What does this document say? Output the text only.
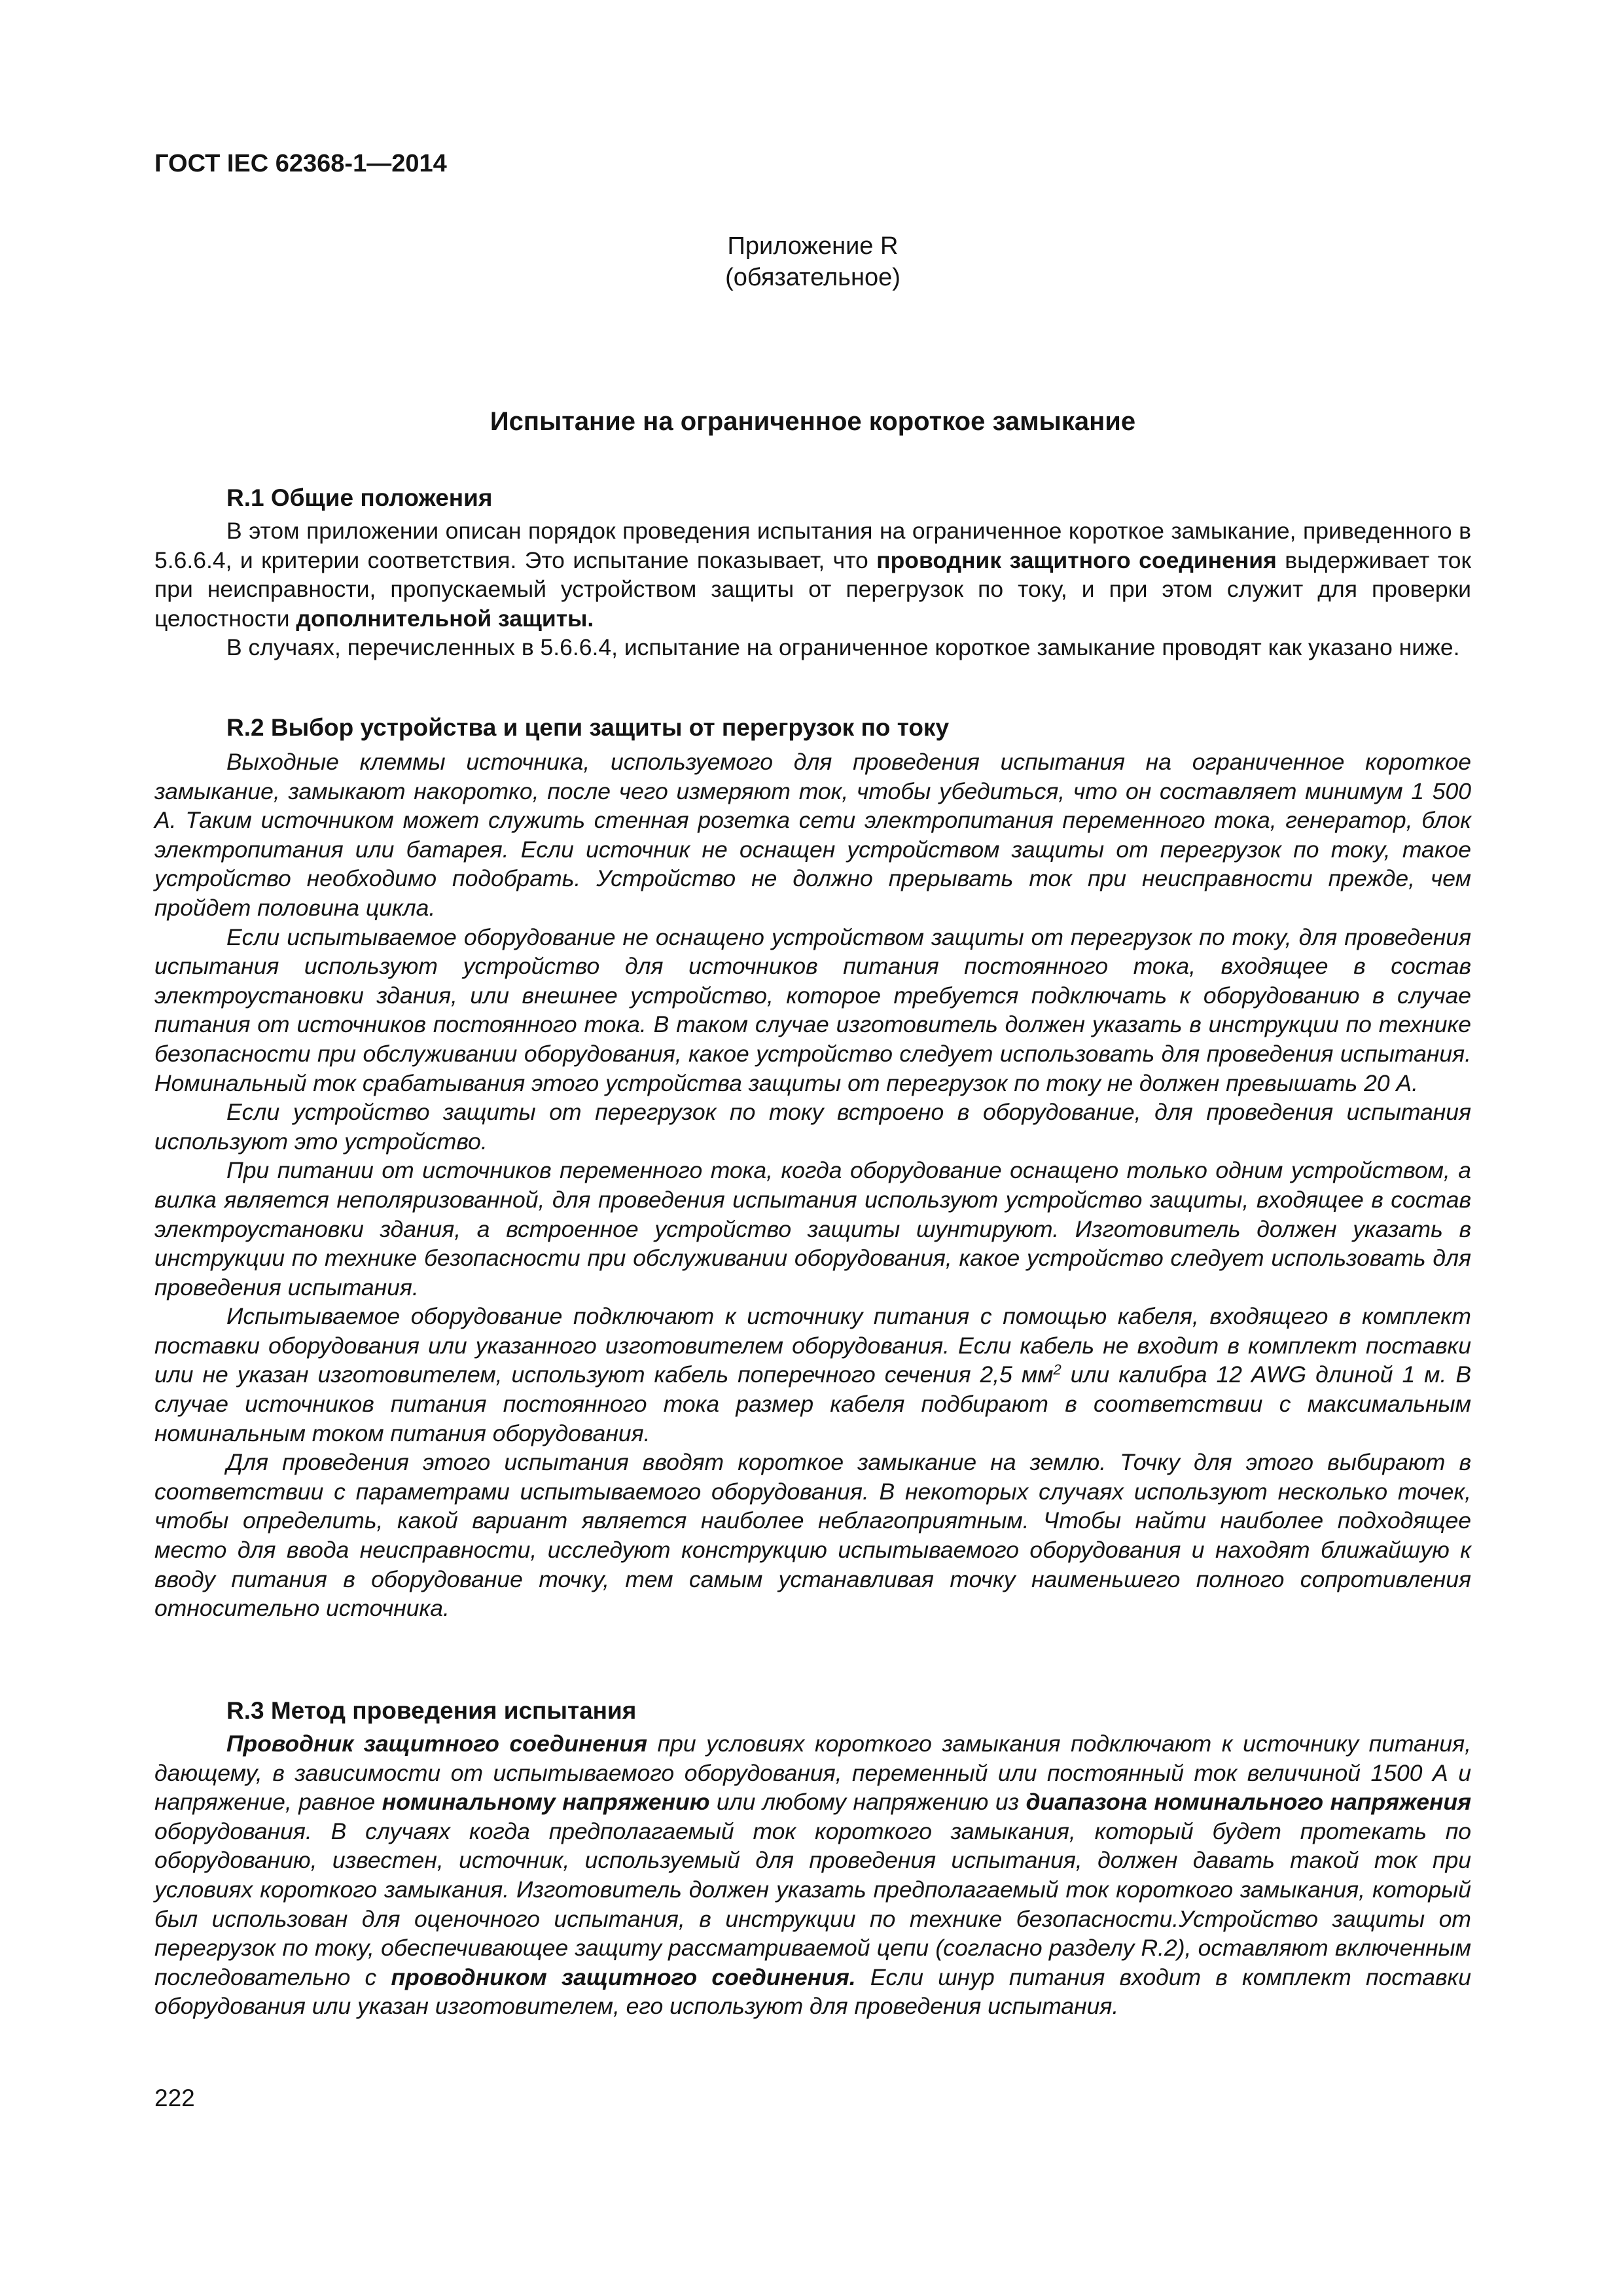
ГОСТ IEC 62368-1—2014
Приложение R
(обязательное)
Испытание на ограниченное короткое замыкание
R.1 Общие положения

В этом приложении описан порядок проведения испытания на ограниченное короткое замыкание, приведенного в 5.6.6.4, и критерии соответствия. Это испытание показывает, что проводник защитного соединения выдерживает ток при неисправности, пропускаемый устройством защиты от перегрузок по току, и при этом служит для проверки целостности дополнительной защиты.

В случаях, перечисленных в 5.6.6.4, испытание на ограниченное короткое замыкание проводят как указано ниже.

R.2 Выбор устройства и цепи защиты от перегрузок по току

Выходные клеммы источника, используемого для проведения испытания на ограниченное короткое замыкание, замыкают накоротко, после чего измеряют ток, чтобы убедиться, что он составляет минимум 1 500 А. Таким источником может служить стенная розетка сети электропитания переменного тока, генератор, блок электропитания или батарея. Если источник не оснащен устройством защиты от перегрузок по току, такое устройство необходимо подобрать. Устройство не должно прерывать ток при неисправности прежде, чем пройдет половина цикла.

Если испытываемое оборудование не оснащено устройством защиты от перегрузок по току, для проведения испытания используют устройство для источников питания постоянного тока, входящее в состав электроустановки здания, или внешнее устройство, которое требуется подключать к оборудованию в случае питания от источников постоянного тока. В таком случае изготовитель должен указать в инструкции по технике безопасности при обслуживании оборудования, какое устройство следует использовать для проведения испытания. Номинальный ток срабатывания этого устройства защиты от перегрузок по току не должен превышать 20 А.

Если устройство защиты от перегрузок по току встроено в оборудование, для проведения испытания используют это устройство.

При питании от источников переменного тока, когда оборудование оснащено только одним устройством, а вилка является неполяризованной, для проведения испытания используют устройство защиты, входящее в состав электроустановки здания, а встроенное устройство защиты шунтируют. Изготовитель должен указать в инструкции по технике безопасности при обслуживании оборудования, какое устройство следует использовать для проведения испытания.

Испытываемое оборудование подключают к источнику питания с помощью кабеля, входящего в комплект поставки оборудования или указанного изготовителем оборудования. Если кабель не входит в комплект поставки или не указан изготовителем, используют кабель поперечного сечения 2,5 $мм^2$ или калибра 12 AWG длиной 1 м. В случае источников питания постоянного тока размер кабеля подбирают в соответствии с максимальным номинальным током питания оборудования.

Для проведения этого испытания вводят короткое замыкание на землю. Точку для этого выбирают в соответствии с параметрами испытываемого оборудования. В некоторых случаях используют несколько точек, чтобы определить, какой вариант является наиболее неблагоприятным. Чтобы найти наиболее подходящее место для ввода неисправности, исследуют конструкцию испытываемого оборудования и находят ближайшую к вводу питания в оборудование точку, тем самым устанавливая точку наименьшего полного сопротивления относительно источника.

R.3 Метод проведения испытания

Проводник защитного соединения при условиях короткого замыкания подключают к источнику питания, дающему, в зависимости от испытываемого оборудования, переменный или постоянный ток величиной 1500 А и напряжение, равное номинальному напряжению или любому напряжению из диапазона номинального напряжения оборудования. В случаях когда предполагаемый ток короткого замыкания, который будет протекать по оборудованию, известен, источник, используемый для проведения испытания, должен давать такой ток при условиях короткого замыкания. Изготовитель должен указать предполагаемый ток короткого замыкания, который был использован для оценочного испытания, в инструкции по технике безопасности.Устройство защиты от перегрузок по току, обеспечивающее защиту рассматриваемой цепи (согласно разделу R.2), оставляют включенным последовательно с проводником защитного соединения. Если шнур питания входит в комплект поставки оборудования или указан изготовителем, его используют для проведения испытания.

222
